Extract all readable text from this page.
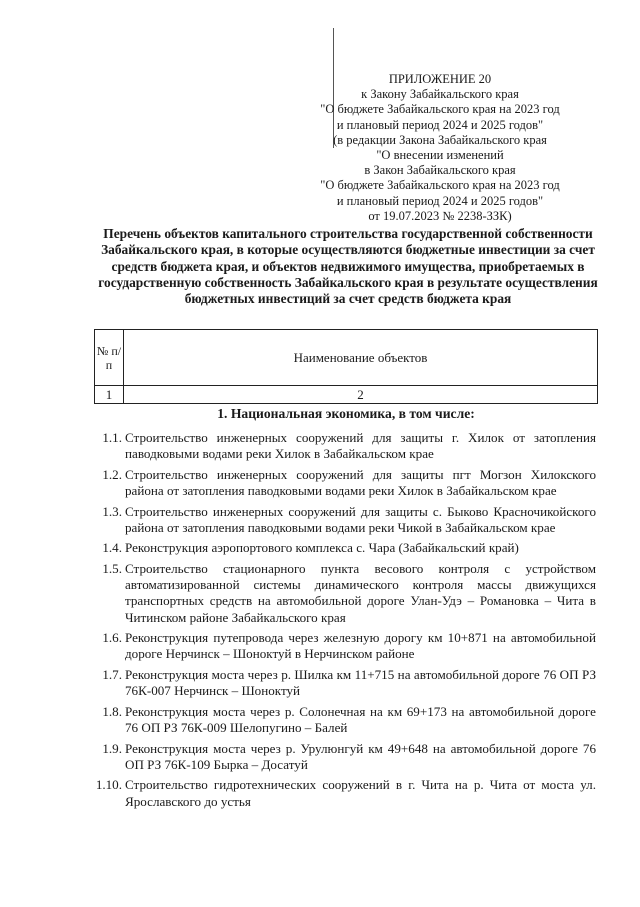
ПРИЛОЖЕНИЕ 20
к Закону Забайкальского края
"О бюджете Забайкальского края на 2023 год
и плановый период 2024 и 2025 годов"
(в редакции Закона Забайкальского края
"О внесении изменений
в Закон Забайкальского края
"О бюджете Забайкальского края на 2023 год
и плановый период 2024 и 2025 годов"
от 19.07.2023 № 2238-ЗЗК)
Перечень объектов капитального строительства государственной собственности Забайкальского края, в которые осуществляются бюджетные инвестиции за счет средств бюджета края, и объектов недвижимого имущества, приобретаемых в государственную собственность Забайкальского края в результате осуществления бюджетных инвестиций за счет средств бюджета края
№ п/п	Наименование объектов
1	2
1. Национальная экономика, в том числе:
1.1. Строительство инженерных сооружений для защиты г. Хилок от затопления паводковыми водами реки Хилок в Забайкальском крае
1.2. Строительство инженерных сооружений для защиты пгт Могзон Хилокского района от затопления паводковыми водами реки Хилок в Забайкальском крае
1.3. Строительство инженерных сооружений для защиты с. Быково Красночикойского района от затопления паводковыми водами реки Чикой в Забайкальском крае
1.4. Реконструкция аэропортового комплекса с. Чара (Забайкальский край)
1.5. Строительство стационарного пункта весового контроля с устройством автоматизированной системы динамического контроля массы движущихся транспортных средств на автомобильной дороге Улан-Удэ – Романовка – Чита в Читинском районе Забайкальского края
1.6. Реконструкция путепровода через железную дорогу км 10+871 на автомобильной дороге Нерчинск – Шоноктуй в Нерчинском районе
1.7. Реконструкция моста через р. Шилка км 11+715 на автомобильной дороге 76 ОП РЗ 76К-007 Нерчинск – Шоноктуй
1.8. Реконструкция моста через р. Солонечная на км 69+173 на автомобильной дороге 76 ОП РЗ 76К-009 Шелопугино – Балей
1.9. Реконструкция моста через р. Урулюнгуй км 49+648 на автомобильной дороге 76 ОП РЗ 76К-109 Бырка – Досатуй
1.10. Строительство гидротехнических сооружений в г. Чита на р. Чита от моста ул. Ярославского до устья
